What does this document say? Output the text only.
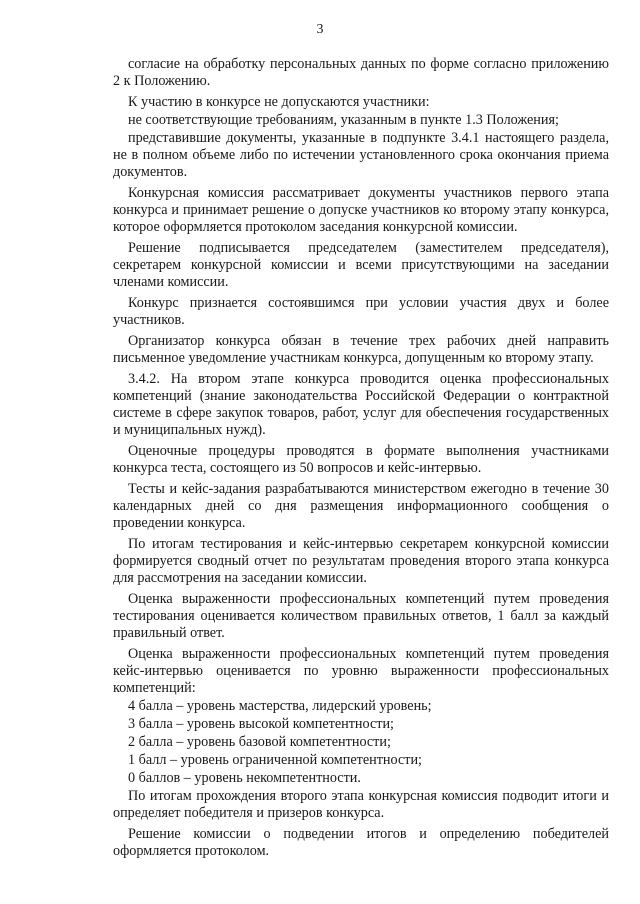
3

согласие на обработку персональных данных по форме согласно приложению 2 к Положению.

К участию в конкурсе не допускаются участники:

не соответствующие требованиям, указанным в пункте 1.3 Положения;

представившие документы, указанные в подпункте 3.4.1 настоящего раздела, не в полном объеме либо по истечении установленного срока окончания приема документов.

Конкурсная комиссия рассматривает документы участников первого этапа конкурса и принимает решение о допуске участников ко второму этапу конкурса, которое оформляется протоколом заседания конкурсной комиссии.

Решение подписывается председателем (заместителем председателя), секретарем конкурсной комиссии и всеми присутствующими на заседании членами комиссии.

Конкурс признается состоявшимся при условии участия двух и более участников.

Организатор конкурса обязан в течение трех рабочих дней направить письменное уведомление участникам конкурса, допущенным ко второму этапу.

3.4.2. На втором этапе конкурса проводится оценка профессиональных компетенций (знание законодательства Российской Федерации о контрактной системе в сфере закупок товаров, работ, услуг для обеспечения государственных и муниципальных нужд).

Оценочные процедуры проводятся в формате выполнения участниками конкурса теста, состоящего из 50 вопросов и кейс-интервью.

Тесты и кейс-задания разрабатываются министерством ежегодно в течение 30 календарных дней со дня размещения информационного сообщения о проведении конкурса.

По итогам тестирования и кейс-интервью секретарем конкурсной комиссии формируется сводный отчет по результатам проведения второго этапа конкурса для рассмотрения на заседании комиссии.

Оценка выраженности профессиональных компетенций путем проведения тестирования оценивается количеством правильных ответов, 1 балл за каждый правильный ответ.

Оценка выраженности профессиональных компетенций путем проведения кейс-интервью оценивается по уровню выраженности профессиональных компетенций:

4 балла – уровень мастерства, лидерский уровень;

3 балла – уровень высокой компетентности;

2 балла – уровень базовой компетентности;

1 балл – уровень ограниченной компетентности;

0 баллов – уровень некомпетентности.

По итогам прохождения второго этапа конкурсная комиссия подводит итоги и определяет победителя и призеров конкурса.

Решение комиссии о подведении итогов и определению победителей оформляется протоколом.
